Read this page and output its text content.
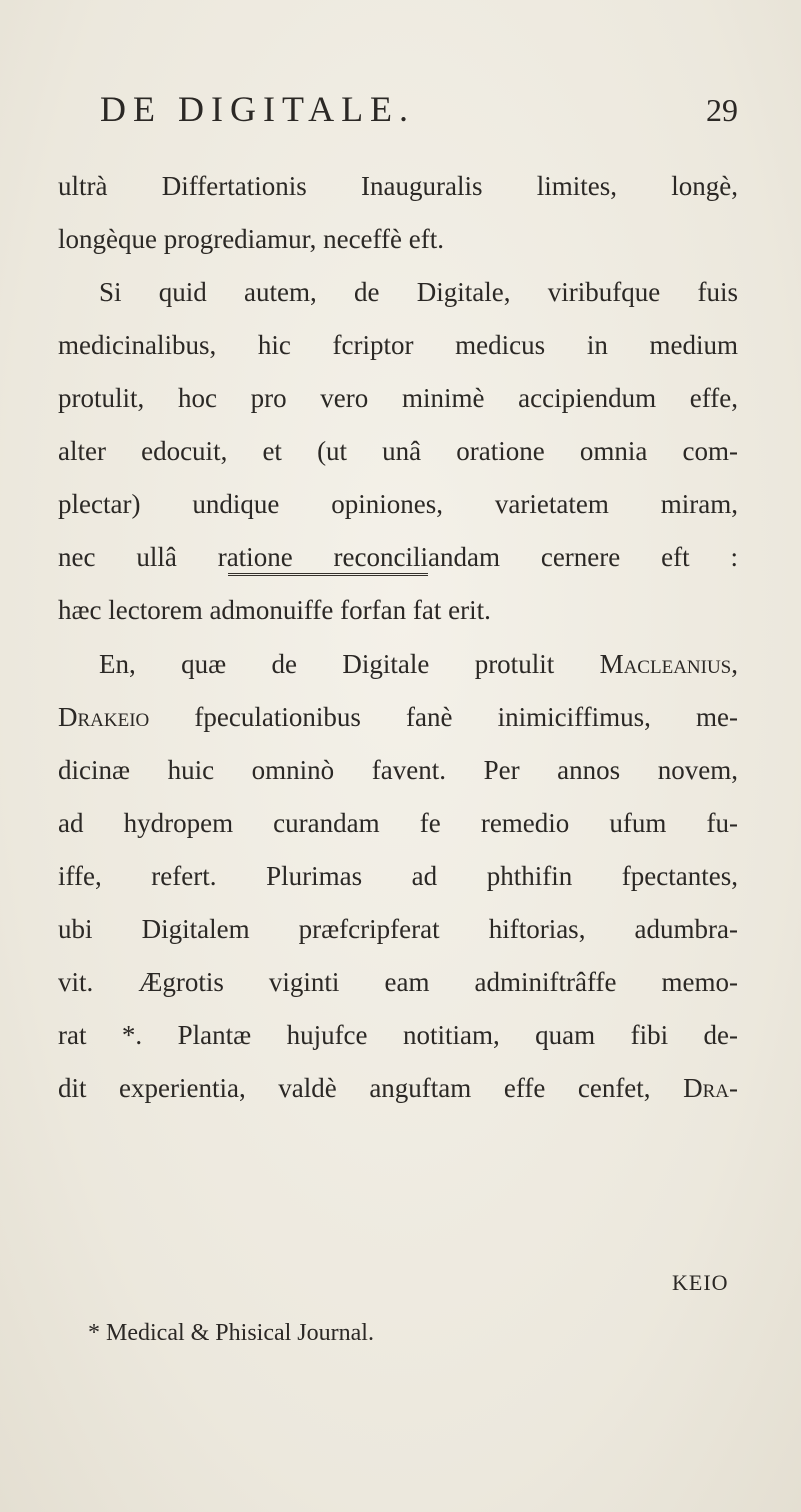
DE DIGITALE.	29
ultrà Differtationis Inauguralis limites, longè,
longèque progrediamur, neceffè eft.
Si quid autem, de Digitale, viribufque fuis
medicinalibus, hic fcriptor medicus in medium
protulit, hoc pro vero minimè accipiendum effe,
alter edocuit, et (ut unâ oratione omnia com-
plectar) undique opiniones, varietatem miram,
nec ullâ ratione reconciliandam cernere eft :
hæc lectorem admonuiffe forfan fat erit.
En, quæ de Digitale protulit Macleanius,
Drakeio fpeculationibus fanè inimiciffimus, me-
dicinæ huic omninò favent. Per annos novem,
ad hydropem curandam fe remedio ufum fu-
iffe, refert. Plurimas ad phthifin fpectantes,
ubi Digitalem præfcripferat hiftorias, adumbra-
vit. Ægrotis viginti eam adminiftrâffe memo-
rat *. Plantæ hujufce notitiam, quam fibi de-
dit experientia, valdè anguftam effe cenfet, Dra-
KEIO
* Medical & Phisical Journal.
